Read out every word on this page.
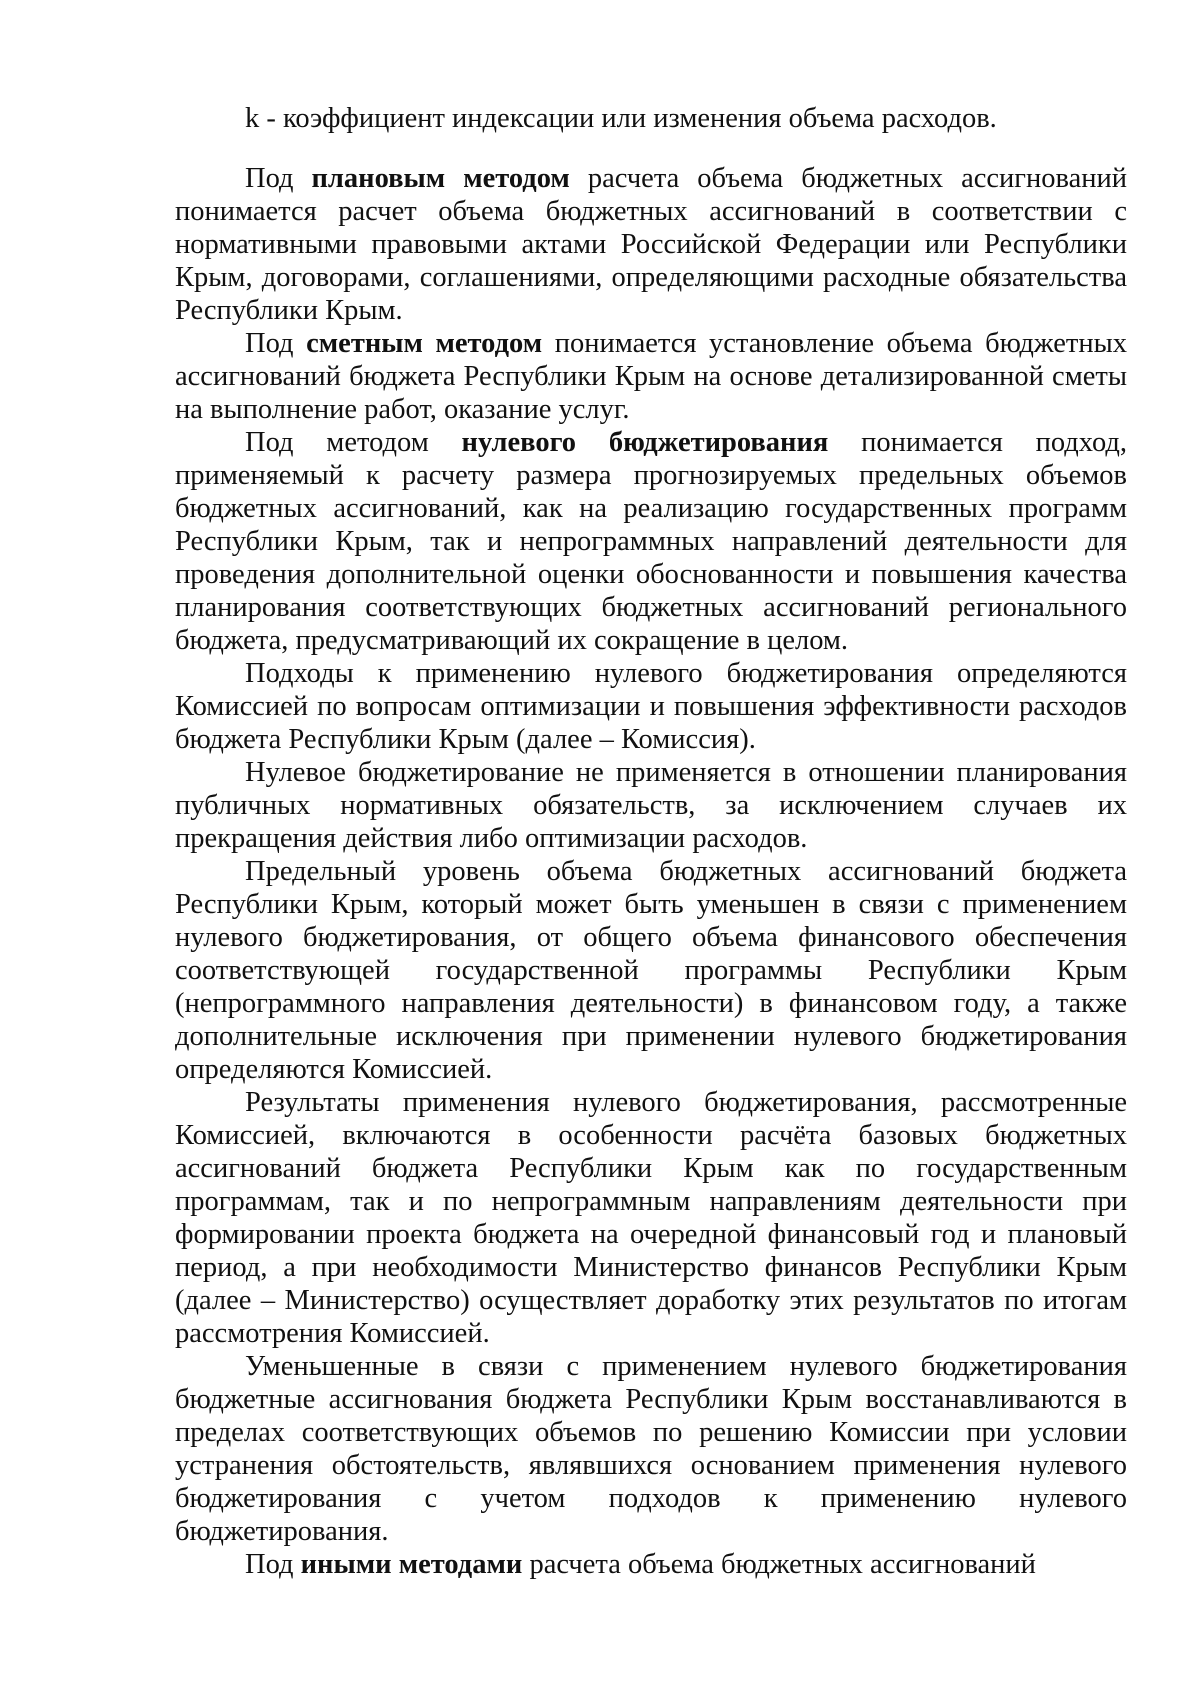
k - коэффициент индексации или изменения объема расходов.

Под плановым методом расчета объема бюджетных ассигнований понимается расчет объема бюджетных ассигнований в соответствии с нормативными правовыми актами Российской Федерации или Республики Крым, договорами, соглашениями, определяющими расходные обязательства Республики Крым.

Под сметным методом понимается установление объема бюджетных ассигнований бюджета Республики Крым на основе детализированной сметы на выполнение работ, оказание услуг.

Под методом нулевого бюджетирования понимается подход, применяемый к расчету размера прогнозируемых предельных объемов бюджетных ассигнований, как на реализацию государственных программ Республики Крым, так и непрограммных направлений деятельности для проведения дополнительной оценки обоснованности и повышения качества планирования соответствующих бюджетных ассигнований регионального бюджета, предусматривающий их сокращение в целом.

Подходы к применению нулевого бюджетирования определяются Комиссией по вопросам оптимизации и повышения эффективности расходов бюджета Республики Крым (далее – Комиссия).

Нулевое бюджетирование не применяется в отношении планирования публичных нормативных обязательств, за исключением случаев их прекращения действия либо оптимизации расходов.

Предельный уровень объема бюджетных ассигнований бюджета Республики Крым, который может быть уменьшен в связи с применением нулевого бюджетирования, от общего объема финансового обеспечения соответствующей государственной программы Республики Крым (непрограммного направления деятельности) в финансовом году, а также дополнительные исключения при применении нулевого бюджетирования определяются Комиссией.

Результаты применения нулевого бюджетирования, рассмотренные Комиссией, включаются в особенности расчёта базовых бюджетных ассигнований бюджета Республики Крым как по государственным программам, так и по непрограммным направлениям деятельности при формировании проекта бюджета на очередной финансовый год и плановый период, а при необходимости Министерство финансов Республики Крым (далее – Министерство) осуществляет доработку этих результатов по итогам рассмотрения Комиссией.

Уменьшенные в связи с применением нулевого бюджетирования бюджетные ассигнования бюджета Республики Крым восстанавливаются в пределах соответствующих объемов по решению Комиссии при условии устранения обстоятельств, являвшихся основанием применения нулевого бюджетирования с учетом подходов к применению нулевого бюджетирования.

Под иными методами расчета объема бюджетных ассигнований
